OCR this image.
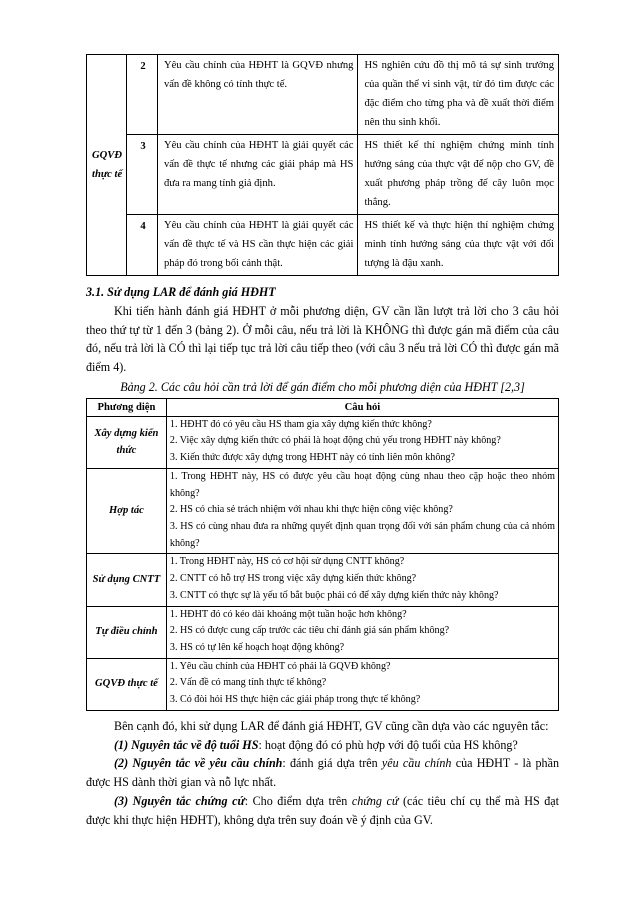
GQVĐ thực tế	2	Yêu cầu chính của HĐHT là GQVĐ nhưng vấn đề không có tính thực tế.	HS nghiên cứu đồ thị mô tả sự sinh trưởng của quần thể vi sinh vật, từ đó tìm được các đặc điểm cho từng pha và đề xuất thời điểm nên thu sinh khối.
	3	Yêu cầu chính của HĐHT là giải quyết các vấn đề thực tế nhưng các giải pháp mà HS đưa ra mang tính giả định.	HS thiết kế thí nghiệm chứng minh tính hướng sáng của thực vật để nộp cho GV, đề xuất phương pháp trồng để cây luôn mọc thẳng.
	4	Yêu cầu chính của HĐHT là giải quyết các vấn đề thực tế và HS cần thực hiện các giải pháp đó trong bối cảnh thật.	HS thiết kế và thực hiện thí nghiệm chứng minh tính hướng sáng của thực vật với đối tượng là đậu xanh.

3.1. Sử dụng LAR để đánh giá HĐHT

Khi tiến hành đánh giá HĐHT ở mỗi phương diện, GV cần lần lượt trả lời cho 3 câu hỏi theo thứ tự từ 1 đến 3 (bảng 2). Ở mỗi câu, nếu trả lời là KHÔNG thì được gán mã điểm của câu đó, nếu trả lời là CÓ thì lại tiếp tục trả lời câu tiếp theo (với câu 3 nếu trả lời CÓ thì được gán mã điểm 4).

Bảng 2. Các câu hỏi cần trả lời để gán điểm cho mỗi phương diện của HĐHT [2,3]

Phương diện	Câu hỏi
Xây dựng kiến thức	1. HĐHT đó có yêu cầu HS tham gia xây dựng kiến thức không?
2. Việc xây dựng kiến thức có phải là hoạt động chủ yếu trong HĐHT này không?
3. Kiến thức được xây dựng trong HĐHT này có tính liên môn không?

Hợp tác	1. Trong HĐHT này, HS có được yêu cầu hoạt động cùng nhau theo cặp hoặc theo nhóm không?
2. HS có chia sẻ trách nhiệm với nhau khi thực hiện công việc không?
3. HS có cùng nhau đưa ra những quyết định quan trọng đối với sản phẩm chung của cả nhóm không?

Sử dụng CNTT	1. Trong HĐHT này, HS có cơ hội sử dụng CNTT không?
2. CNTT có hỗ trợ HS trong việc xây dựng kiến thức không?
3. CNTT có thực sự là yếu tố bắt buộc phải có để xây dựng kiến thức này không?

Tự điều chỉnh	1. HĐHT đó có kéo dài khoảng một tuần hoặc hơn không?
2. HS có được cung cấp trước các tiêu chí đánh giá sản phẩm không?
3. HS có tự lên kế hoạch hoạt động không?

GQVĐ thực tế	1. Yêu cầu chính của HĐHT có phải là GQVĐ không?
2. Vấn đề có mang tính thực tế không?
3. Có đòi hỏi HS thực hiện các giải pháp trong thực tế không?

Bên cạnh đó, khi sử dụng LAR để đánh giá HĐHT, GV cũng cần dựa vào các nguyên tắc:

(1) Nguyên tắc về độ tuổi HS: hoạt động đó có phù hợp với độ tuổi của HS không?

(2) Nguyên tắc về yêu cầu chính: đánh giá dựa trên yêu cầu chính của HĐHT - là phần được HS dành thời gian và nỗ lực nhất.

(3) Nguyên tắc chứng cứ: Cho điểm dựa trên chứng cứ (các tiêu chí cụ thể mà HS đạt được khi thực hiện HĐHT), không dựa trên suy đoán về ý định của GV.
